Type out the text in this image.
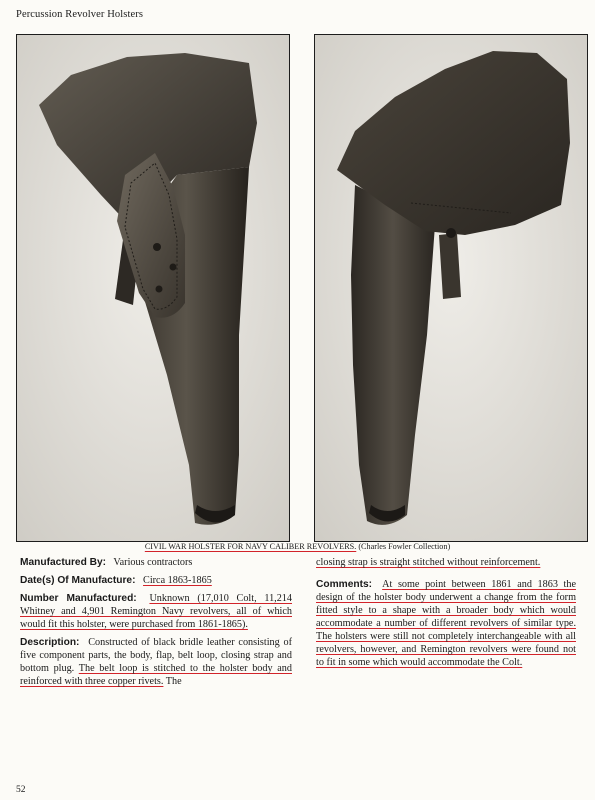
Percussion Revolver Holsters
CIVIL WAR HOLSTER FOR NAVY CALIBER REVOLVERS. (Charles Fowler Collection)

Manufactured By: Various contractors

Date(s) Of Manufacture: Circa 1863-1865

Number Manufactured: Unknown (17,010 Colt, 11,214 Whitney and 4,901 Remington Navy revolvers, all of which would fit this holster, were purchased from 1861-1865).

Description: Constructed of black bridle leather consisting of five component parts, the body, flap, belt loop, closing strap and bottom plug. The belt loop is stitched to the holster body and reinforced with three copper rivets. The

closing strap is straight stitched without reinforcement.

Comments: At some point between 1861 and 1863 the design of the holster body underwent a change from the form fitted style to a shape with a broader body which would accommodate a number of different revolvers of similar type. The holsters were still not completely interchangeable with all revolvers, however, and Remington revolvers were found not to fit in some which would accommodate the Colt.

52
